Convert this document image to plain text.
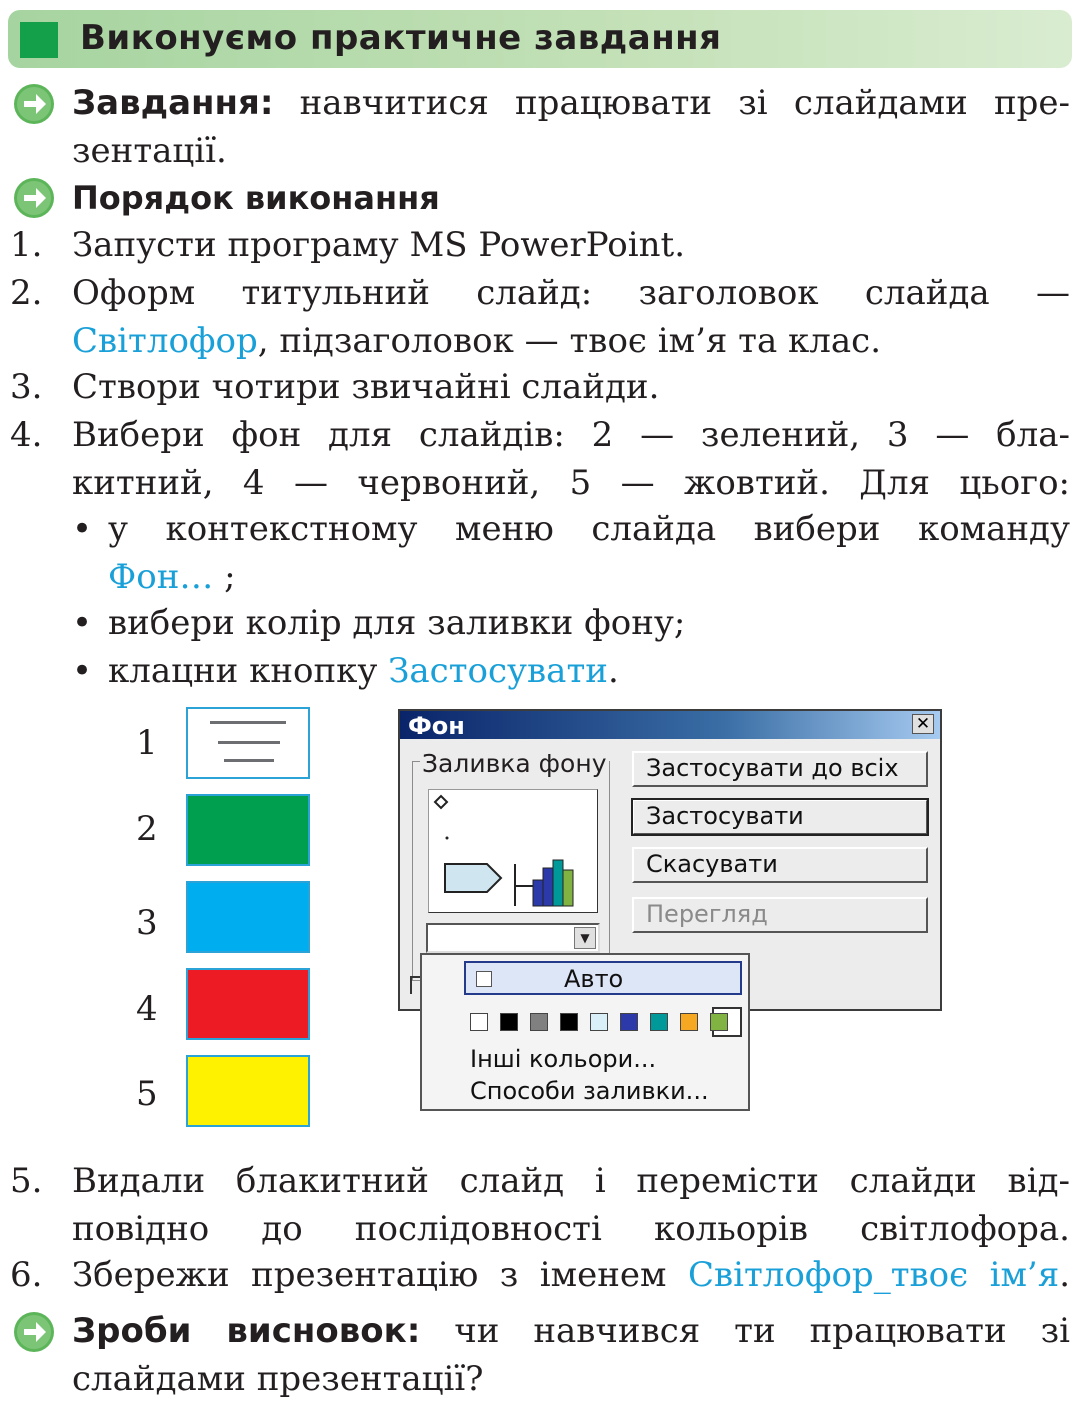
Виконуємо практичне завдання
Завдання: навчитися працювати зі слайдами пре-
зентації.
Порядок виконання
1. Запусти програму MS PowerPoint.
2. Оформ титульний слайд: заголовок слайда —
Світлофор, підзаголовок — твоє ім’я та клас.
3. Створи чотири звичайні слайди.
4. Вибери фон для слайдів: 2 — зелений, 3 — бла-
китний, 4 — червоний, 5 — жовтий. Для цього:
• у контекстному меню слайда вибери команду
Фон… ;
• вибери колір для заливки фону;
• клацни кнопку Застосувати.
1
2
3
4
5
Фон	✕
Заливка фону
▼
Застосувати до всіх
Застосувати
Скасувати
Перегляд
Авто
Інші кольори...
Способи заливки...
5. Видали блакитний слайд і перемісти слайди від-
повідно до послідовності кольорів світлофора.
6. Збережи презентацію з іменем Світлофор_твоє ім’я.
Зроби висновок: чи навчився ти працювати зі
слайдами презентації?
